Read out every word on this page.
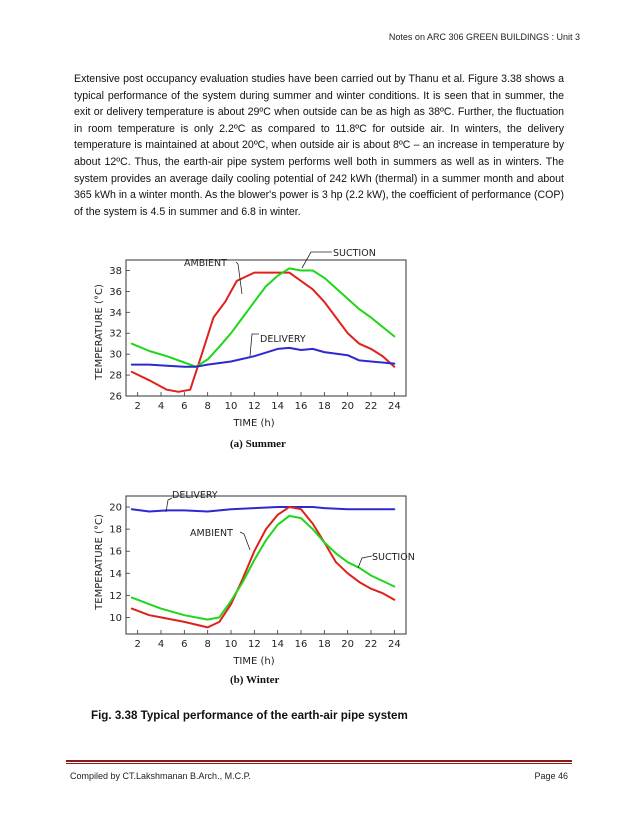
Notes on ARC 306 GREEN BUILDINGS : Unit 3

Extensive post occupancy evaluation studies have been carried out by Thanu et al. Figure 3.38 shows a typical performance of the system during summer and winter conditions. It is seen that in summer, the exit or delivery temperature is about 29ºC when outside can be as high as 38ºC. Further, the fluctuation in room temperature is only 2.2ºC as compared to 11.8ºC for outside air. In winters, the delivery temperature is maintained at about 20ºC, when outside air is about 8ºC – an increase in temperature by about 12ºC. Thus, the earth-air pipe system performs well both in summers as well as in winters. The system provides an average daily cooling potential of 242 kWh (thermal) in a summer month and about 365 kWh in a winter month. As the blower's power is 3 hp (2.2 kW), the coefficient of performance (COP) of the system is 4.5 in summer and 6.8 in winter.

2 4 6 8 10 12 14 16 18 20 22 24
26
28
30
32
34
36
38
TEMPERATURE (°C)
TIME (h)
AMBIENT
SUCTION
DELIVERY
(a) Summer
2 4 6 8 10 12 14 16 18 20 22 24
10
12
14
16
18
20
TEMPERATURE (°C)
TIME (h)
DELIVERY
AMBIENT
SUCTION
(b) Winter
Fig. 3.38 Typical performance of the earth-air pipe system
Compiled by CT.Lakshmanan B.Arch., M.C.P.	Page 46
